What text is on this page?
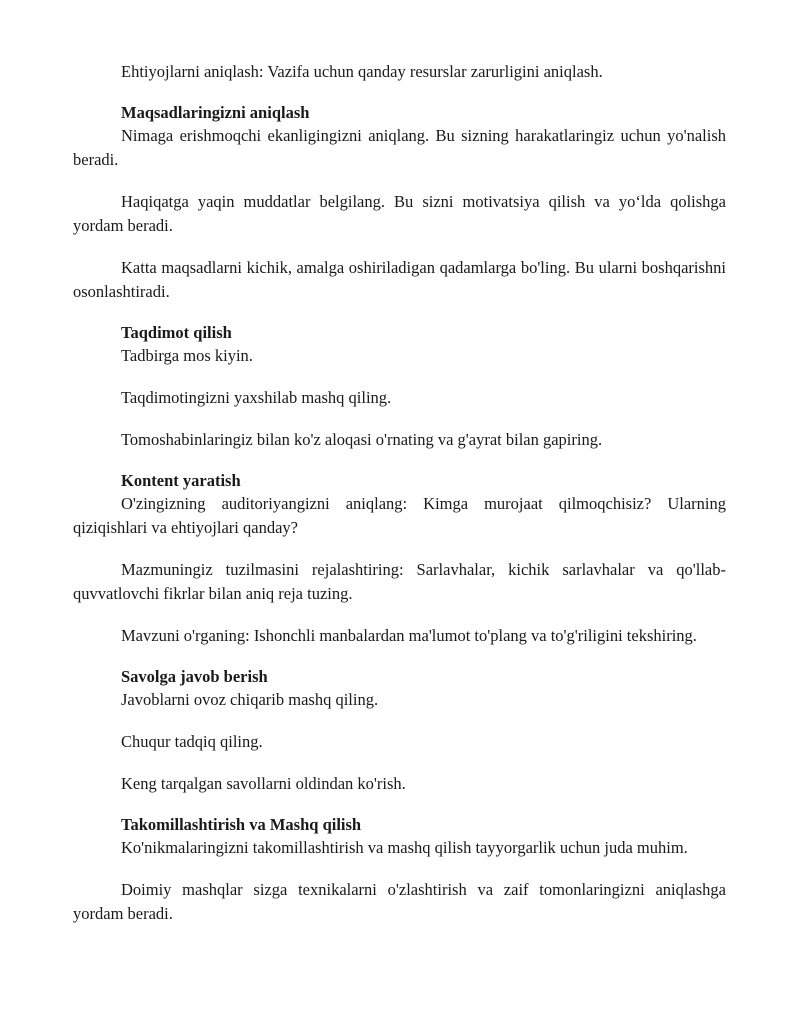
Ehtiyojlarni aniqlash: Vazifa uchun qanday resurslar zarurligini aniqlash.

Maqsadlaringizni aniqlash

Nimaga erishmoqchi ekanligingizni aniqlang. Bu sizning harakatlaringiz uchun yo'nalish beradi.

Haqiqatga yaqin muddatlar belgilang. Bu sizni motivatsiya qilish va yo‘lda qolishga yordam beradi.

Katta maqsadlarni kichik, amalga oshiriladigan qadamlarga bo'ling. Bu ularni boshqarishni osonlashtiradi.

Taqdimot qilish

Tadbirga mos kiyin.

Taqdimotingizni yaxshilab mashq qiling.

Tomoshabinlaringiz bilan ko'z aloqasi o'rnating va g'ayrat bilan gapiring.

Kontent yaratish

O'zingizning auditoriyangizni aniqlang: Kimga murojaat qilmoqchisiz? Ularning qiziqishlari va ehtiyojlari qanday?

Mazmuningiz tuzilmasini rejalashtiring: Sarlavhalar, kichik sarlavhalar va qo'llab-quvvatlovchi fikrlar bilan aniq reja tuzing.

Mavzuni o'rganing: Ishonchli manbalardan ma'lumot to'plang va to'g'riligini tekshiring.

Savolga javob berish

Javoblarni ovoz chiqarib mashq qiling.

Chuqur tadqiq qiling.

Keng tarqalgan savollarni oldindan ko'rish.

Takomillashtirish va Mashq qilish

Ko'nikmalaringizni takomillashtirish va mashq qilish tayyorgarlik uchun juda muhim.

Doimiy mashqlar sizga texnikalarni o'zlashtirish va zaif tomonlaringizni aniqlashga yordam beradi.
